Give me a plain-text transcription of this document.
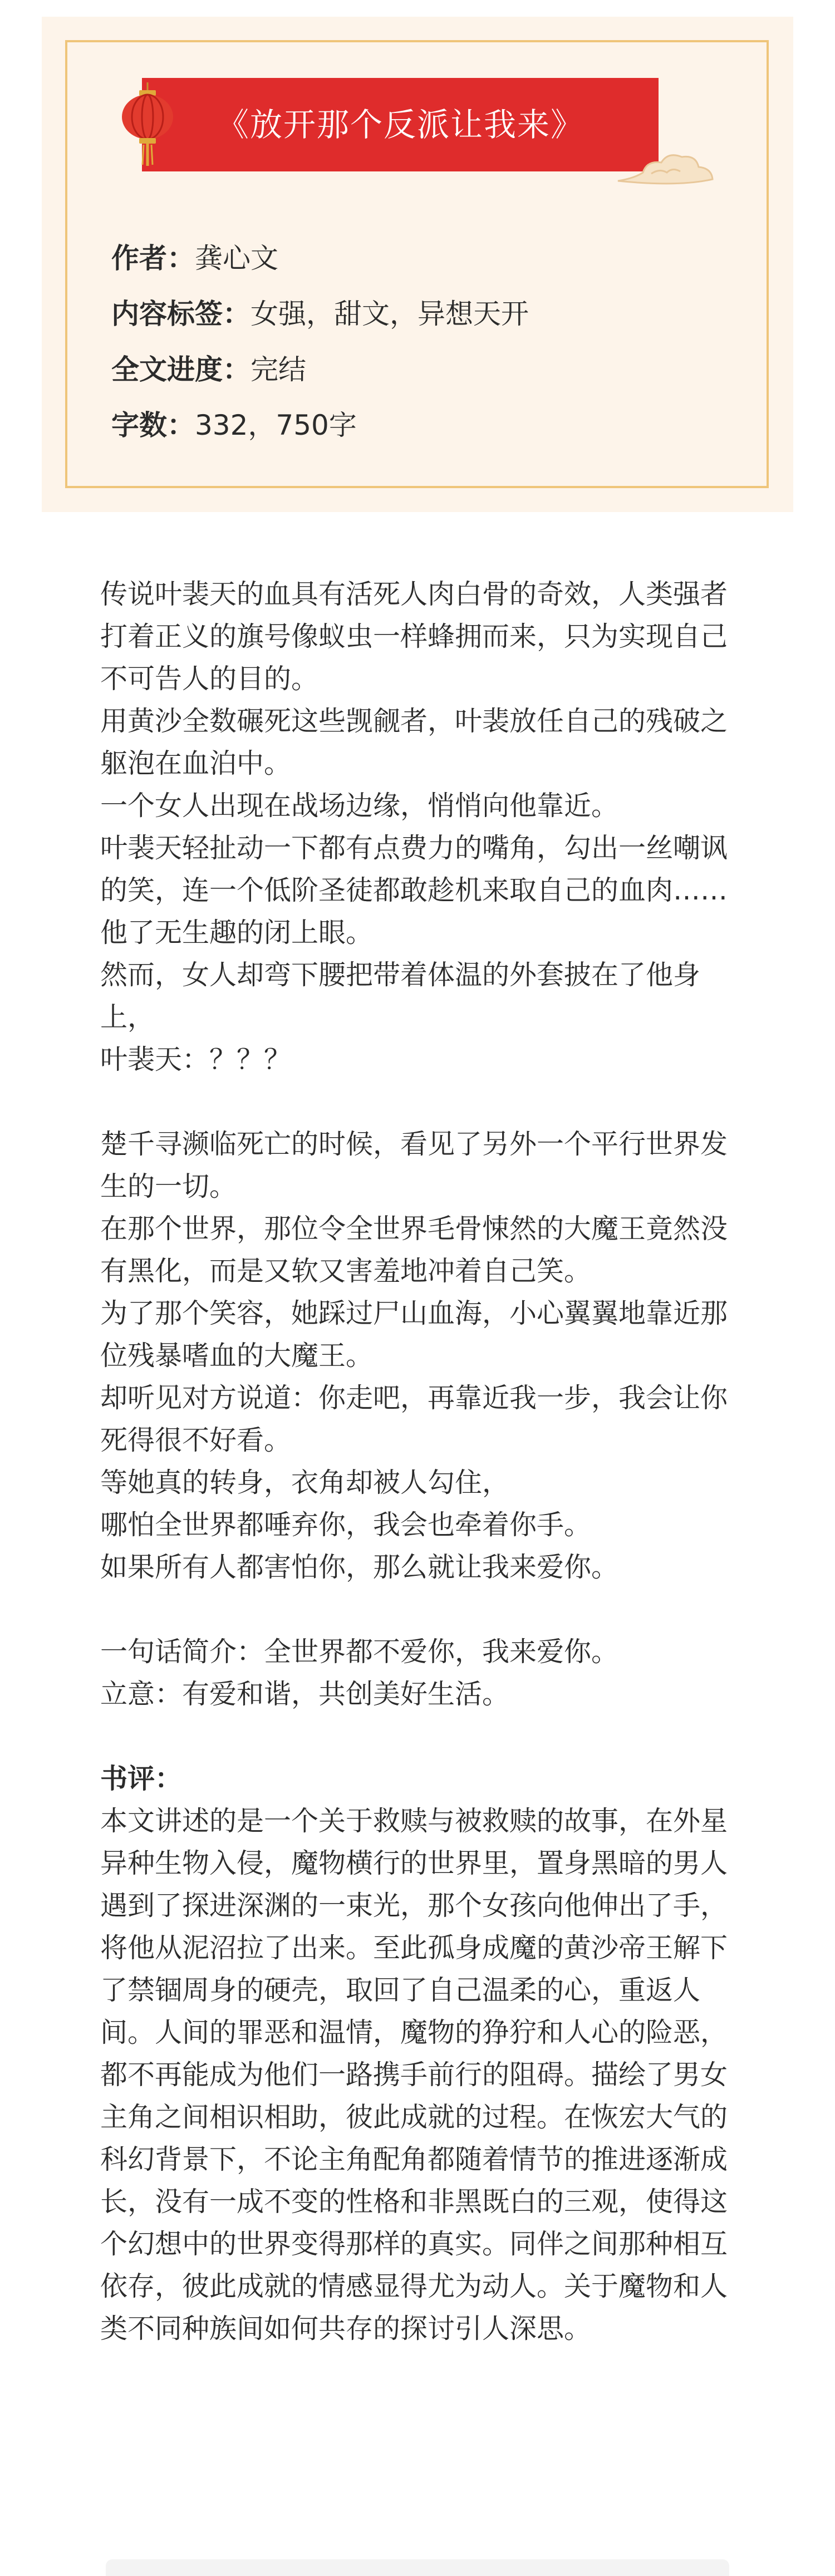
《放开那个反派让我来》
作者：龚心文
内容标签：女强，甜文，异想天开
全文进度：完结
字数：332，750字

传说叶裴天的血具有活死人肉白骨的奇效，人类强者打着正义的旗号像蚁虫一样蜂拥而来，只为实现自己不可告人的目的。

用黄沙全数碾死这些觊觎者，叶裴放任自己的残破之躯泡在血泊中。

一个女人出现在战场边缘，悄悄向他靠近。

叶裴天轻扯动一下都有点费力的嘴角，勾出一丝嘲讽的笑，连一个低阶圣徒都敢趁机来取自己的血肉……他了无生趣的闭上眼。

然而，女人却弯下腰把带着体温的外套披在了他身上，

叶裴天：？？？

楚千寻濒临死亡的时候，看见了另外一个平行世界发生的一切。

在那个世界，那位令全世界毛骨悚然的大魔王竟然没有黑化，而是又软又害羞地冲着自己笑。

为了那个笑容，她踩过尸山血海，小心翼翼地靠近那位残暴嗜血的大魔王。

却听见对方说道：你走吧，再靠近我一步，我会让你死得很不好看。

等她真的转身，衣角却被人勾住，

哪怕全世界都唾弃你，我会也牵着你手。

如果所有人都害怕你，那么就让我来爱你。

一句话简介：全世界都不爱你，我来爱你。

立意：有爱和谐，共创美好生活。

书评：

本文讲述的是一个关于救赎与被救赎的故事，在外星异种生物入侵，魔物横行的世界里，置身黑暗的男人遇到了探进深渊的一束光，那个女孩向他伸出了手，将他从泥沼拉了出来。至此孤身成魔的黄沙帝王解下了禁锢周身的硬壳，取回了自己温柔的心，重返人间。人间的罪恶和温情，魔物的狰狞和人心的险恶，都不再能成为他们一路携手前行的阻碍。描绘了男女主角之间相识相助，彼此成就的过程。在恢宏大气的科幻背景下，不论主角配角都随着情节的推进逐渐成长，没有一成不变的性格和非黑既白的三观，使得这个幻想中的世界变得那样的真实。同伴之间那种相互依存，彼此成就的情感显得尤为动人。关于魔物和人类不同种族间如何共存的探讨引人深思。
